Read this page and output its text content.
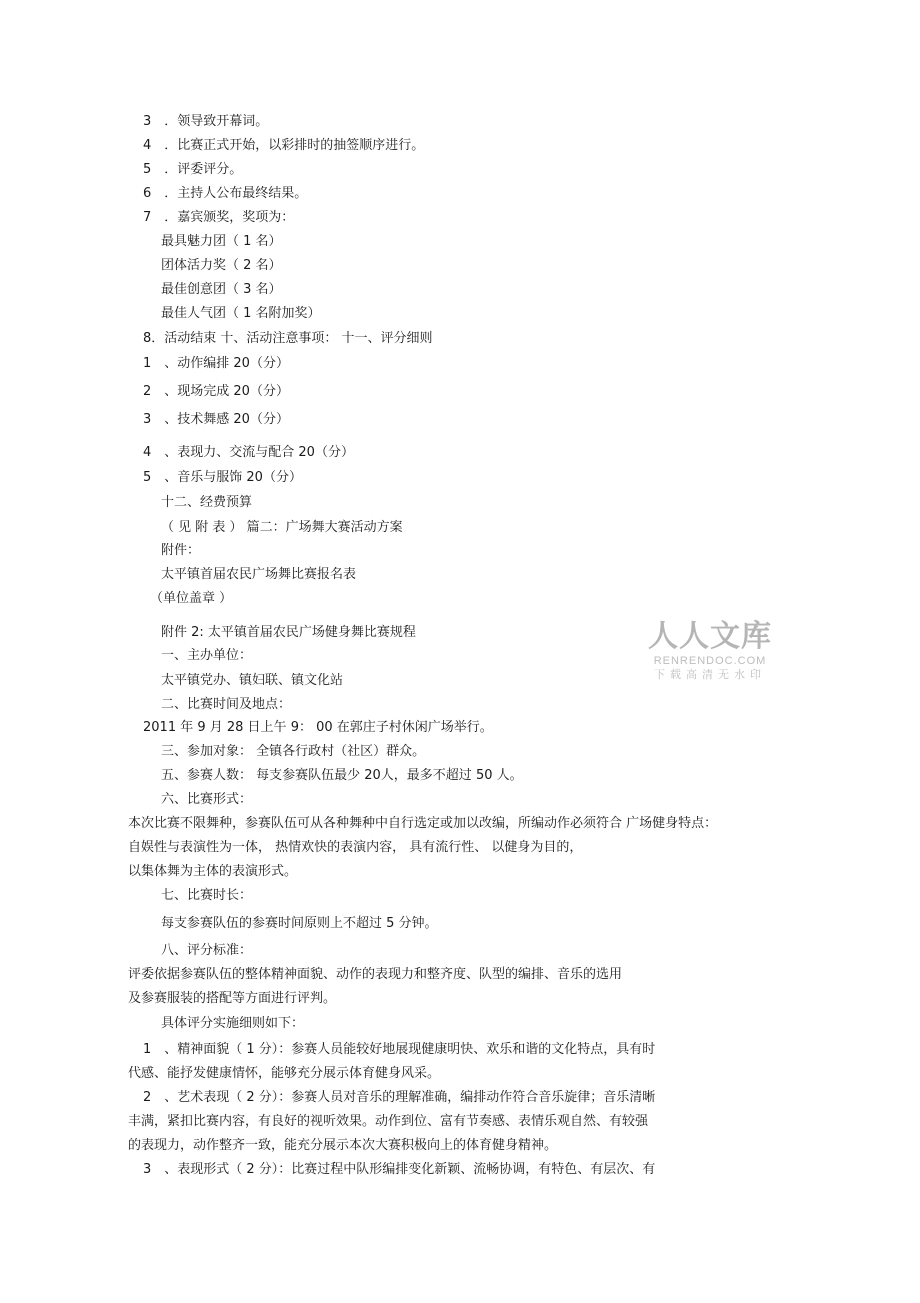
3　．领导致开幕词。
4　．比赛正式开始，以彩排时的抽签顺序进行。
5　．评委评分。
6　．主持人公布最终结果。
7　．嘉宾颁奖，奖项为：
最具魅力团（ 1 名）
团体活力奖（ 2 名）
最佳创意团（ 3 名）
最佳人气团（ 1 名附加奖）
8．活动结束 十、活动注意事项： 十一、评分细则
1　、动作编排 20（分）
2　、现场完成 20（分）
3　、技术舞感 20（分）
4　、表现力、交流与配合 20（分）
5　、音乐与服饰 20（分）
十二、经费预算
（ 见 附 表 ） 篇二：广场舞大赛活动方案
附件：
太平镇首届农民广场舞比赛报名表
（单位盖章 ）
附件 2: 太平镇首届农民广场健身舞比赛规程
一、主办单位：
太平镇党办、镇妇联、镇文化站
二、比赛时间及地点：
2011 年 9 月 28 日上午 9： 00 在郭庄子村休闲广场举行。
三、参加对象： 全镇各行政村（社区）群众。
五、参赛人数： 每支参赛队伍最少 20人，最多不超过 50 人。
六、比赛形式：
本次比赛不限舞种，参赛队伍可从各种舞种中自行选定或加以改编，所编动作必须符合 广场健身特点：
自娱性与表演性为一体， 热情欢快的表演内容， 具有流行性、 以健身为目的，
以集体舞为主体的表演形式。
七、比赛时长：
每支参赛队伍的参赛时间原则上不超过 5 分钟。
八、评分标准：
评委依据参赛队伍的整体精神面貌、动作的表现力和整齐度、队型的编排、音乐的选用
及参赛服装的搭配等方面进行评判。
具体评分实施细则如下：
1　、精神面貌（ 1 分）：参赛人员能较好地展现健康明快、欢乐和谐的文化特点，具有时
代感、能抒发健康情怀，能够充分展示体育健身风采。
2　、艺术表现（ 2 分）：参赛人员对音乐的理解准确，编排动作符合音乐旋律；音乐清晰
丰满，紧扣比赛内容，有良好的视听效果。动作到位、富有节奏感、表情乐观自然、有较强
的表现力，动作整齐一致，能充分展示本次大赛积极向上的体育健身精神。
3　、表现形式（ 2 分）：比赛过程中队形编排变化新颖、流畅协调，有特色、有层次、有
人人文库
RENRENDOC.COM
下载高清无水印
